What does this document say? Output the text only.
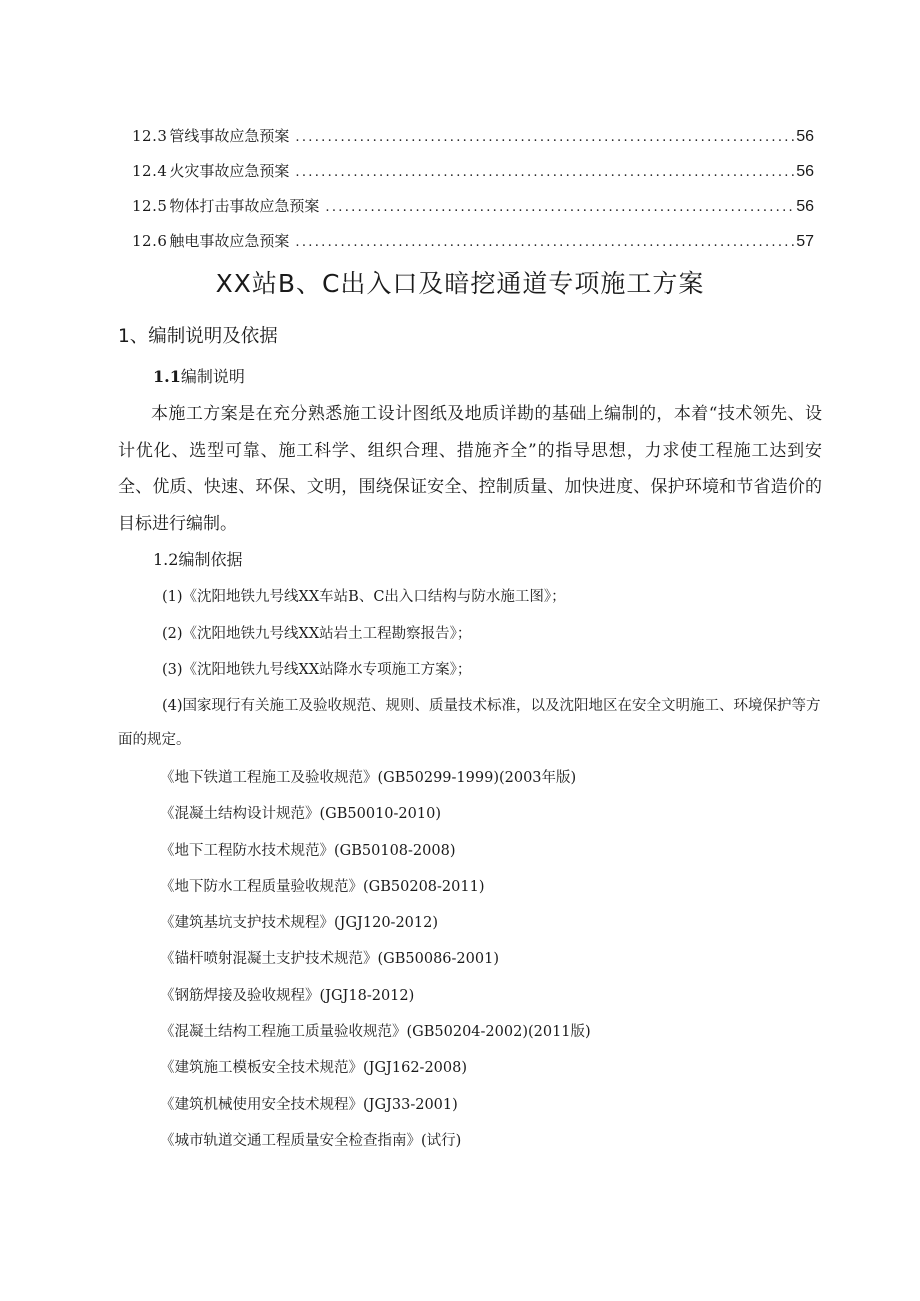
12.3 管线事故应急预案 .....	56
12.4 火灾事故应急预案 .....	56
12.5 物体打击事故应急预案 .....	56
12.6 触电事故应急预案 .....	57
XX站B、C出入口及暗挖通道专项施工方案
1、编制说明及依据
1.1编制说明

本施工方案是在充分熟悉施工设计图纸及地质详勘的基础上编制的，本着“技术领先、设计优化、选型可靠、施工科学、组织合理、措施齐全”的指导思想，力求使工程施工达到安全、优质、快速、环保、文明，围绕保证安全、控制质量、加快进度、保护环境和节省造价的目标进行编制。

1.2编制依据
(1)《沈阳地铁九号线XX车站B、C出入口结构与防水施工图》；
(2)《沈阳地铁九号线XX站岩土工程勘察报告》；
(3)《沈阳地铁九号线XX站降水专项施工方案》；
(4)国家现行有关施工及验收规范、规则、质量技术标准，以及沈阳地区在安全文明施工、环境保护等方面的规定。
《地下铁道工程施工及验收规范》(GB50299-1999)(2003年版)
《混凝土结构设计规范》(GB50010-2010)
《地下工程防水技术规范》(GB50108-2008)
《地下防水工程质量验收规范》(GB50208-2011)
《建筑基坑支护技术规程》(JGJ120-2012)
《锚杆喷射混凝土支护技术规范》(GB50086-2001)
《钢筋焊接及验收规程》(JGJ18-2012)
《混凝土结构工程施工质量验收规范》(GB50204-2002)(2011版)
《建筑施工模板安全技术规范》(JGJ162-2008)
《建筑机械使用安全技术规程》(JGJ33-2001)
《城市轨道交通工程质量安全检查指南》(试行)
